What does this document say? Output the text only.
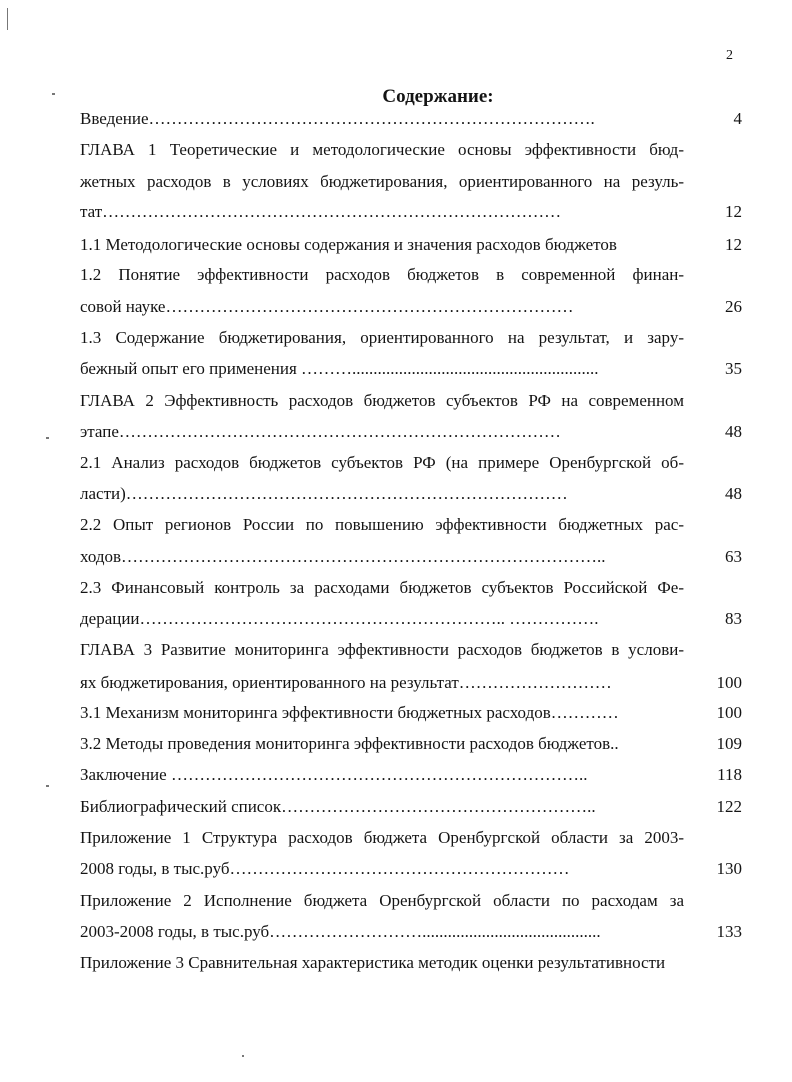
2
Содержание:
Введение…………………………………………………………………….	4
ГЛАВА 1 Теоретические и методологические основы эффективности бюд-
жетных расходов в условиях бюджетирования, ориентированного на резуль-
тат………………………………………………………………………	12
1.1 Методологические основы содержания и значения расходов бюджетов	12
1.2 Понятие эффективности расходов бюджетов в современной финан-
совой науке………………………………………………………………	26
1.3 Содержание бюджетирования, ориентированного на результат, и зару-
бежный опыт его применения ………..........................................................	35
ГЛАВА 2 Эффективность расходов бюджетов субъектов РФ на современном
этапе……………………………………………………………………	48
2.1 Анализ расходов бюджетов субъектов РФ (на примере Оренбургской об-
ласти)……………………………………………………………………	48
2.2 Опыт регионов России по повышению эффективности бюджетных рас-
ходов…………………………………………………………………………..	63
2.3 Финансовый контроль за расходами бюджетов субъектов Российской Фе-
дерации……………………………………………………….. …………….	83
ГЛАВА 3 Развитие мониторинга эффективности расходов бюджетов в услови-
ях бюджетирования, ориентированного на результат………………………	100
3.1 Механизм мониторинга эффективности бюджетных расходов…………	100
3.2 Методы проведения мониторинга эффективности расходов бюджетов..	109
Заключение ………………………………………………………………..	118
Библиографический список………………………………………………..	122
Приложение 1 Структура расходов бюджета Оренбургской области за 2003-
2008 годы, в тыс.руб……………………………………………………	130
Приложение 2 Исполнение бюджета Оренбургской области по расходам за
2003-2008 годы, в тыс.руб………………………..........................................	133
Приложение 3 Сравнительная характеристика методик оценки результативности
